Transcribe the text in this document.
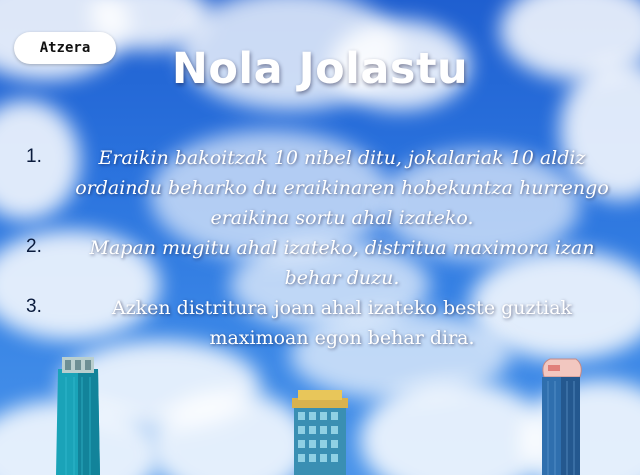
Atzera	Nola Jolastu
1.	Eraikin bakoitzak 10 nibel ditu, jokalariak 10 aldiz ordaindu beharko du eraikinaren hobekuntza hurrengo eraikina sortu ahal izateko.
2.	Mapan mugitu ahal izateko, distritua maximora izan behar duzu.
3.	Azken distritura joan ahal izateko beste guztiak maximoan egon behar dira.
